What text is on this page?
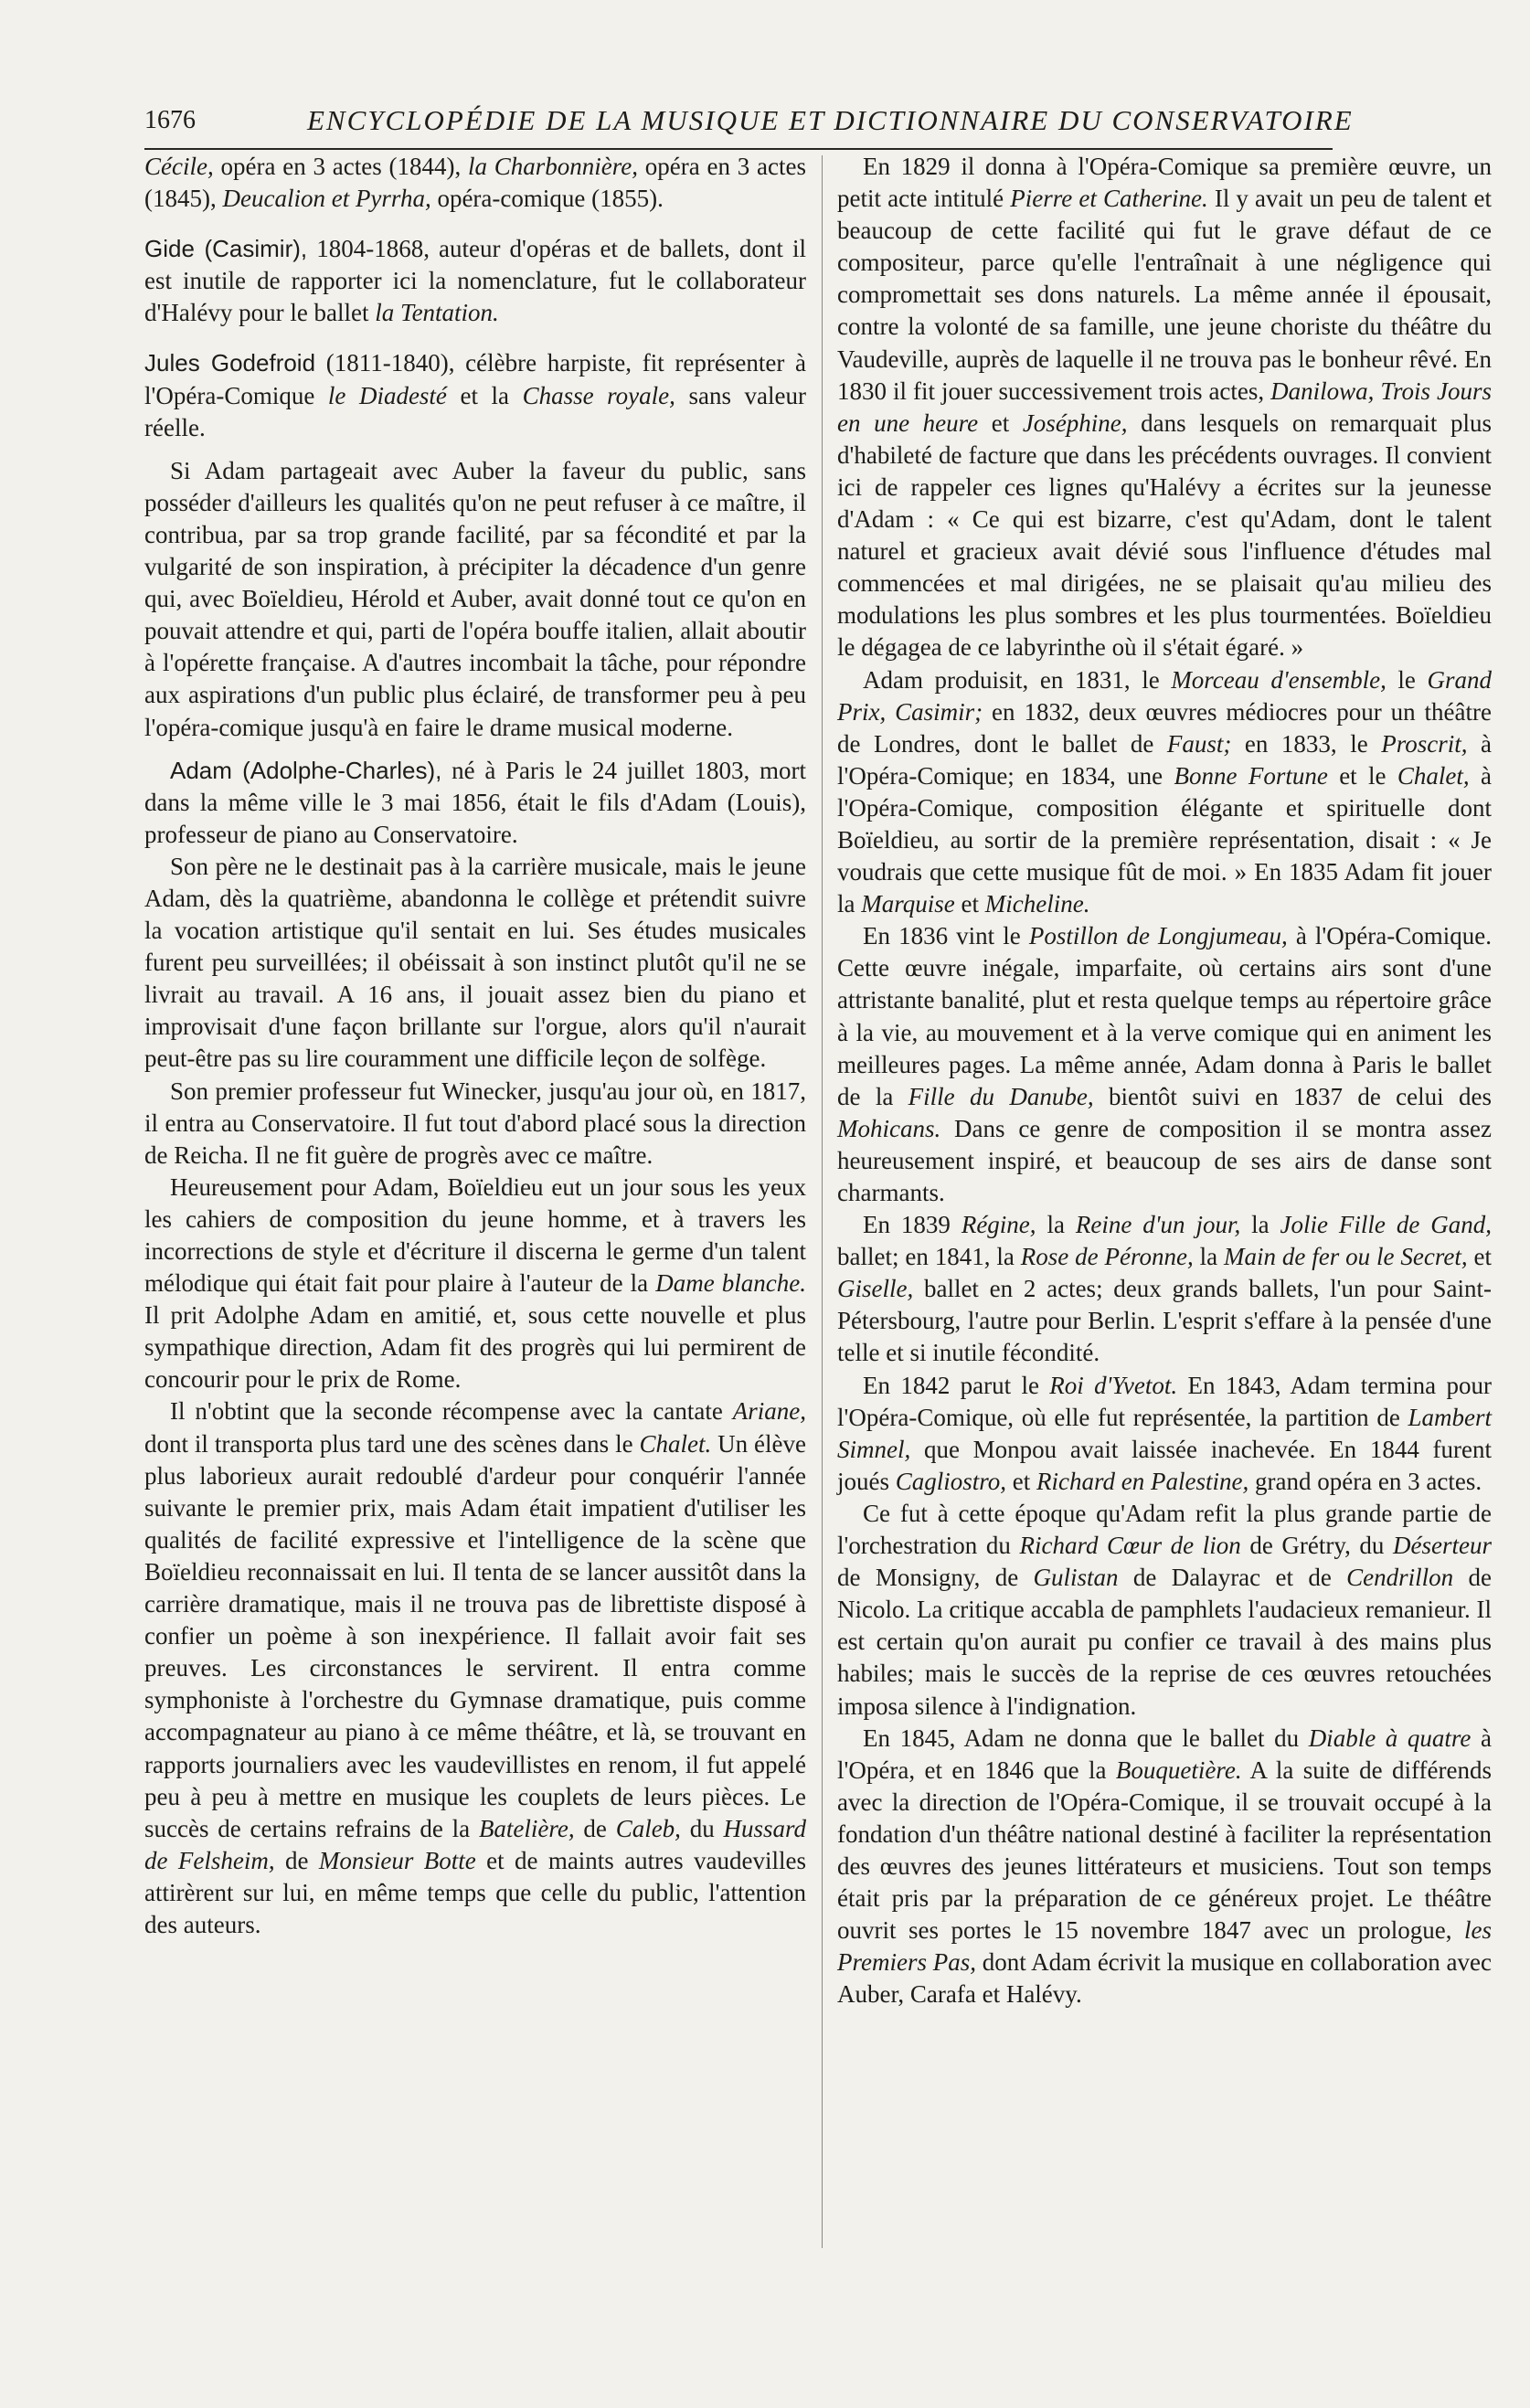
1676	ENCYCLOPÉDIE DE LA MUSIQUE ET DICTIONNAIRE DU CONSERVATOIRE

Cécile, opéra en 3 actes (1844), la Charbonnière, opéra en 3 actes (1845), Deucalion et Pyrrha, opéra-comique (1855).

Gide (Casimir), 1804-1868, auteur d'opéras et de ballets, dont il est inutile de rapporter ici la nomenclature, fut le collaborateur d'Halévy pour le ballet la Tentation.

Jules Godefroid (1811-1840), célèbre harpiste, fit représenter à l'Opéra-Comique le Diadesté et la Chasse royale, sans valeur réelle.

Si Adam partageait avec Auber la faveur du public, sans posséder d'ailleurs les qualités qu'on ne peut refuser à ce maître, il contribua, par sa trop grande facilité, par sa fécondité et par la vulgarité de son inspiration, à précipiter la décadence d'un genre qui, avec Boïeldieu, Hérold et Auber, avait donné tout ce qu'on en pouvait attendre et qui, parti de l'opéra bouffe italien, allait aboutir à l'opérette française. A d'autres incombait la tâche, pour répondre aux aspirations d'un public plus éclairé, de transformer peu à peu l'opéra-comique jusqu'à en faire le drame musical moderne.

Adam (Adolphe-Charles), né à Paris le 24 juillet 1803, mort dans la même ville le 3 mai 1856, était le fils d'Adam (Louis), professeur de piano au Conservatoire.

Son père ne le destinait pas à la carrière musicale, mais le jeune Adam, dès la quatrième, abandonna le collège et prétendit suivre la vocation artistique qu'il sentait en lui. Ses études musicales furent peu surveillées; il obéissait à son instinct plutôt qu'il ne se livrait au travail. A 16 ans, il jouait assez bien du piano et improvisait d'une façon brillante sur l'orgue, alors qu'il n'aurait peut-être pas su lire couramment une difficile leçon de solfège.

Son premier professeur fut Winecker, jusqu'au jour où, en 1817, il entra au Conservatoire. Il fut tout d'abord placé sous la direction de Reicha. Il ne fit guère de progrès avec ce maître.

Heureusement pour Adam, Boïeldieu eut un jour sous les yeux les cahiers de composition du jeune homme, et à travers les incorrections de style et d'écriture il discerna le germe d'un talent mélodique qui était fait pour plaire à l'auteur de la Dame blanche. Il prit Adolphe Adam en amitié, et, sous cette nouvelle et plus sympathique direction, Adam fit des progrès qui lui permirent de concourir pour le prix de Rome.

Il n'obtint que la seconde récompense avec la cantate Ariane, dont il transporta plus tard une des scènes dans le Chalet. Un élève plus laborieux aurait redoublé d'ardeur pour conquérir l'année suivante le premier prix, mais Adam était impatient d'utiliser les qualités de facilité expressive et l'intelligence de la scène que Boïeldieu reconnaissait en lui. Il tenta de se lancer aussitôt dans la carrière dramatique, mais il ne trouva pas de librettiste disposé à confier un poème à son inexpérience. Il fallait avoir fait ses preuves. Les circonstances le servirent. Il entra comme symphoniste à l'orchestre du Gymnase dramatique, puis comme accompagnateur au piano à ce même théâtre, et là, se trouvant en rapports journaliers avec les vaudevillistes en renom, il fut appelé peu à peu à mettre en musique les couplets de leurs pièces. Le succès de certains refrains de la Batelière, de Caleb, du Hussard de Felsheim, de Monsieur Botte et de maints autres vaudevilles attirèrent sur lui, en même temps que celle du public, l'attention des auteurs.

En 1829 il donna à l'Opéra-Comique sa première œuvre, un petit acte intitulé Pierre et Catherine. Il y avait un peu de talent et beaucoup de cette facilité qui fut le grave défaut de ce compositeur, parce qu'elle l'entraînait à une négligence qui compromettait ses dons naturels. La même année il épousait, contre la volonté de sa famille, une jeune choriste du théâtre du Vaudeville, auprès de laquelle il ne trouva pas le bonheur rêvé. En 1830 il fit jouer successivement trois actes, Danilowa, Trois Jours en une heure et Joséphine, dans lesquels on remarquait plus d'habileté de facture que dans les précédents ouvrages. Il convient ici de rappeler ces lignes qu'Halévy a écrites sur la jeunesse d'Adam : « Ce qui est bizarre, c'est qu'Adam, dont le talent naturel et gracieux avait dévié sous l'influence d'études mal commencées et mal dirigées, ne se plaisait qu'au milieu des modulations les plus sombres et les plus tourmentées. Boïeldieu le dégagea de ce labyrinthe où il s'était égaré. »

Adam produisit, en 1831, le Morceau d'ensemble, le Grand Prix, Casimir; en 1832, deux œuvres médiocres pour un théâtre de Londres, dont le ballet de Faust; en 1833, le Proscrit, à l'Opéra-Comique; en 1834, une Bonne Fortune et le Chalet, à l'Opéra-Comique, composition élégante et spirituelle dont Boïeldieu, au sortir de la première représentation, disait : « Je voudrais que cette musique fût de moi. » En 1835 Adam fit jouer la Marquise et Micheline.

En 1836 vint le Postillon de Longjumeau, à l'Opéra-Comique. Cette œuvre inégale, imparfaite, où certains airs sont d'une attristante banalité, plut et resta quelque temps au répertoire grâce à la vie, au mouvement et à la verve comique qui en animent les meilleures pages. La même année, Adam donna à Paris le ballet de la Fille du Danube, bientôt suivi en 1837 de celui des Mohicans. Dans ce genre de composition il se montra assez heureusement inspiré, et beaucoup de ses airs de danse sont charmants.

En 1839 Régine, la Reine d'un jour, la Jolie Fille de Gand, ballet; en 1841, la Rose de Péronne, la Main de fer ou le Secret, et Giselle, ballet en 2 actes; deux grands ballets, l'un pour Saint-Pétersbourg, l'autre pour Berlin. L'esprit s'effare à la pensée d'une telle et si inutile fécondité.

En 1842 parut le Roi d'Yvetot. En 1843, Adam termina pour l'Opéra-Comique, où elle fut représentée, la partition de Lambert Simnel, que Monpou avait laissée inachevée. En 1844 furent joués Cagliostro, et Richard en Palestine, grand opéra en 3 actes.

Ce fut à cette époque qu'Adam refit la plus grande partie de l'orchestration du Richard Cœur de lion de Grétry, du Déserteur de Monsigny, de Gulistan de Dalayrac et de Cendrillon de Nicolo. La critique accabla de pamphlets l'audacieux remanieur. Il est certain qu'on aurait pu confier ce travail à des mains plus habiles; mais le succès de la reprise de ces œuvres retouchées imposa silence à l'indignation.

En 1845, Adam ne donna que le ballet du Diable à quatre à l'Opéra, et en 1846 que la Bouquetière. A la suite de différends avec la direction de l'Opéra-Comique, il se trouvait occupé à la fondation d'un théâtre national destiné à faciliter la représentation des œuvres des jeunes littérateurs et musiciens. Tout son temps était pris par la préparation de ce généreux projet. Le théâtre ouvrit ses portes le 15 novembre 1847 avec un prologue, les Premiers Pas, dont Adam écrivit la musique en collaboration avec Auber, Carafa et Halévy.
